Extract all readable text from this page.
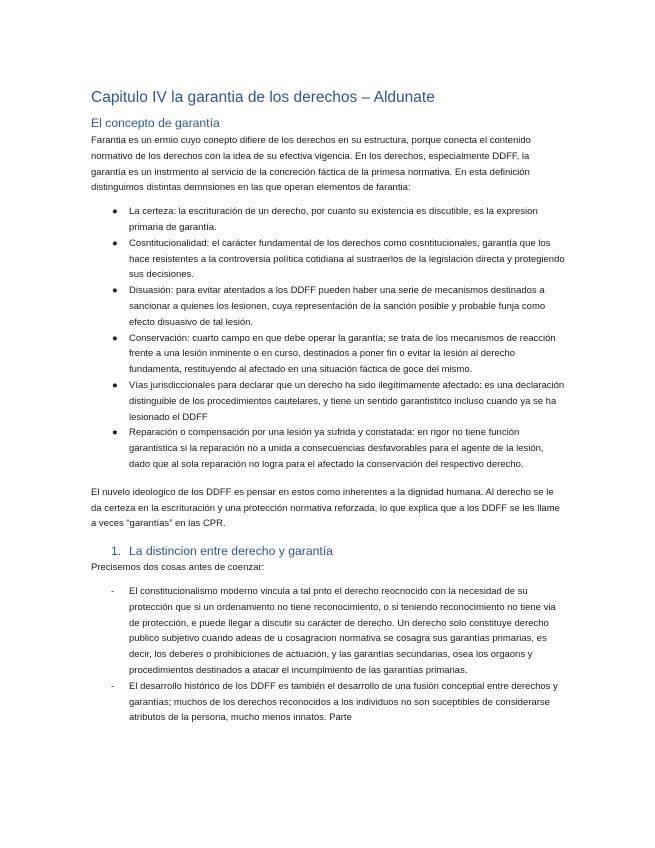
Capitulo IV la garantia de los derechos – Aldunate
El concepto de garantía

Farantia es un ermio cuyo conepto difiere de los derechos en su estructura, porque conecta el contenido normativo de los derechos con la idea de su efectiva vigencia. En los derechos, especialmente DDFF, la garantía es un instrmento al servicio de la concreción fáctica de la primesa normativa. En esta definición distinguimos distintas demnsiones en las que operan elementos de farantia:

● La certeza: la escrituración de un derecho, por cuanto su existencia es discutible, es la expresion primaria de garantía.
● Cosntitucionalidad: el carácter fundamental de los derechos como cosntitucionales, garantía que los hace resistentes a la controversia política cotidiana al sustraerlos de la legislación directa y protegiendo sus decisiones.
● Disuasión: para evitar atentados a los DDFF pueden haber una serie de mecanismos destinados a sancionar a quienes los lesionen, cuya representación de la sanción posible y probable funja como efecto disuasivo de tal lesión.
● Conservación: cuarto campo en que debe operar la garantía; se trata de los mecanismos de reacción frente a una lesión inminente o en curso, destinados a poner fin o evitar la lesión al derecho fundamenta, restituyendo al afectado en una situación fáctica de goce del mismo.
● Vías jurisdiccionales para declarar que un derecho ha sido ilegítimamente afectado: es una declaración distinguible de los procedimientos cautelares, y tiene un sentido garantistitco incluso cuando ya se ha lesionado el DDFF
● Reparación o compensación por una lesión ya sufrida y constatada: en rigor no tiene función garantistica si la reparación no a unida a consecuencias desfavorables para el agente de la lesión, dado que al sola reparación no logra para el afectado la conservación del respectivo derecho.

El nuvelo ideologico de los DDFF es pensar en estos como inherentes a la dignidad humana. Al derecho se le da certeza en la escrituración y una protección normativa reforzada, lo que explica que a los DDFF se les llame a veces “garantías” en las CPR.

1. La distincion entre derecho y garantía

Precisemos dos cosas antes de coenzar:

- El constitucionalismo moderno vincula a tal pnto el derecho reocnocido con la necesidad de su protección que si un ordenamiento no tiene reconocimiento, o si teniendo reconocimiento no tiene via de protección, e puede llegar a discutir su carácter de derecho. Un derecho solo constituye derecho publico subjetivo cuando adeas de u cosagracion normativa se cosagra sus garantías primarias, es decir, los deberes o prohibiciones de actuación, y las garantías secundarias, osea los orgaons y procedimientos destinados a atacar el incumplmiento de las garantías primarias.
- El desarrollo histórico de los DDFF es también el desarrollo de una fusión conceptial entre derechos y garantías; muchos de los derechos reconocidos a los individuos no son suceptibles de considerarse atributos de la persona, mucho menos innatos. Parte
